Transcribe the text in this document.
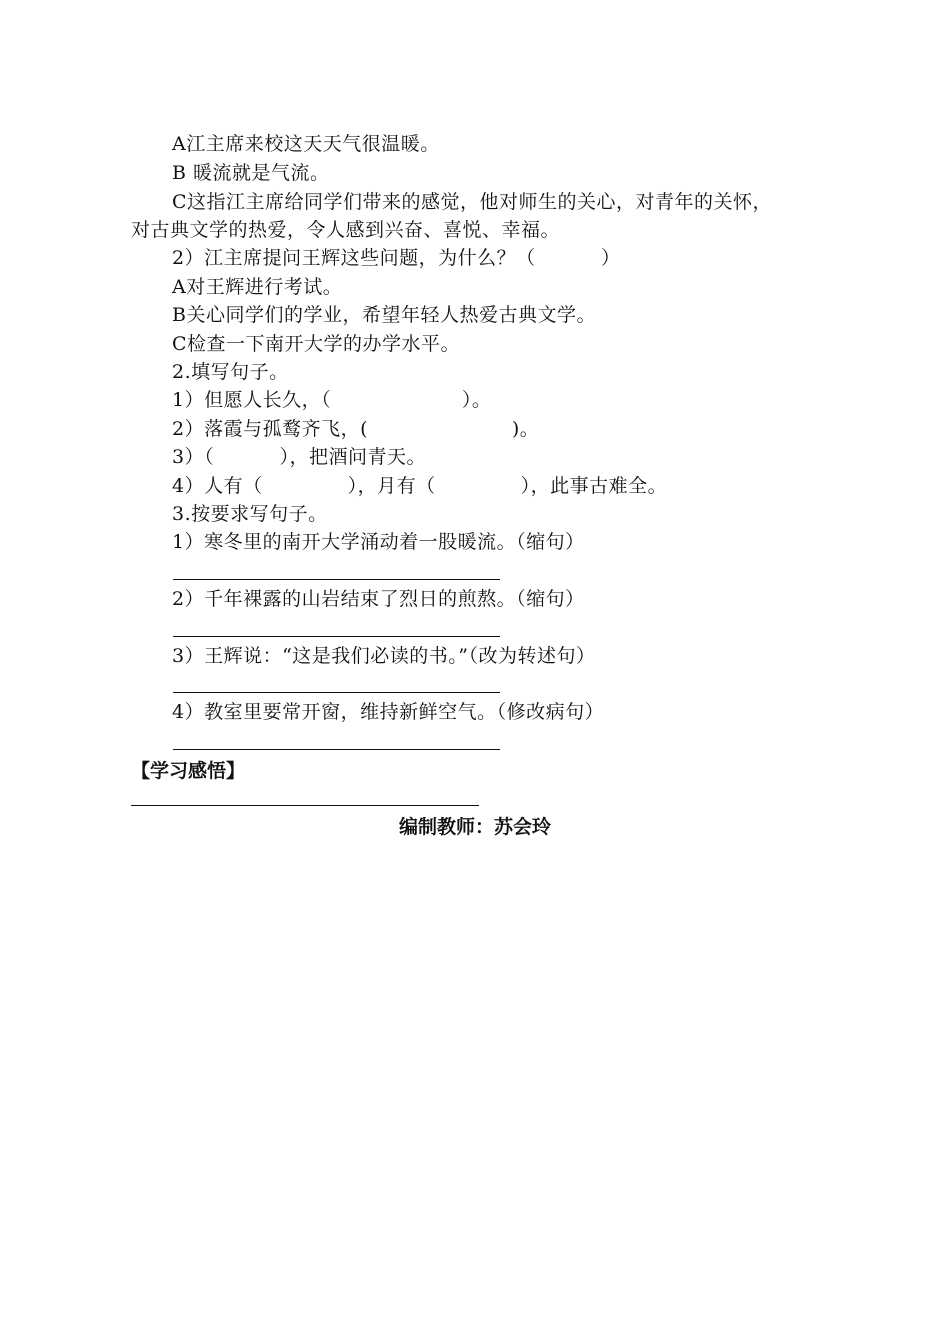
A江主席来校这天天气很温暖。
B 暖流就是气流。
C这指江主席给同学们带来的感觉，他对师生的关心，对青年的关怀，
对古典文学的热爱，令人感到兴奋、喜悦、幸福。
2）江主席提问王辉这些问题，为什么？（          ）
A对王辉进行考试。
B关心同学们的学业，希望年轻人热爱古典文学。
C检查一下南开大学的办学水平。
2.填写句子。
1）但愿人长久，（                    ）。
2）落霞与孤鹜齐飞，(                      )。
3）（          ），把酒问青天。
4）人有（             ），月有（             ），此事古难全。
3.按要求写句子。
1）寒冬里的南开大学涌动着一股暖流。（缩句）
2）千年裸露的山岩结束了烈日的煎熬。（缩句）
3）王辉说：“这是我们必读的书。”（改为转述句）
4）教室里要常开窗，维持新鲜空气。（修改病句）
【学习感悟】
编制教师：苏会玲
